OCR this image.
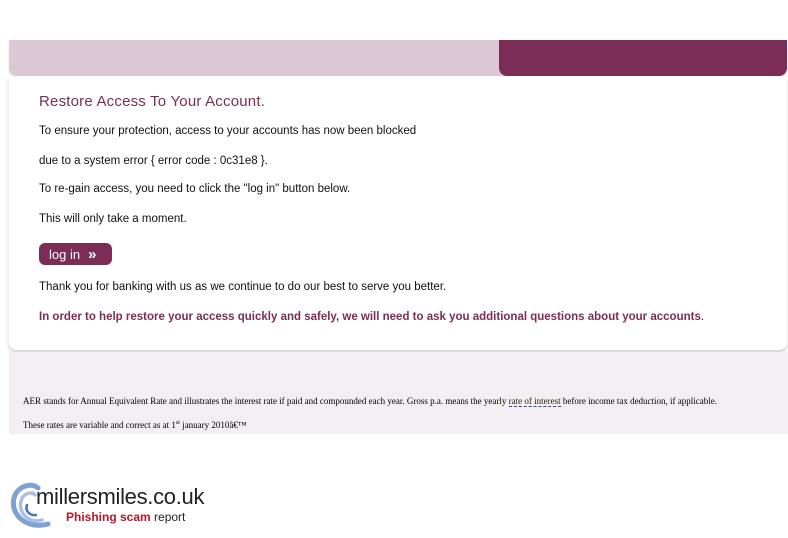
Restore Access To Your Account.

To ensure your protection, access to your accounts has now been blocked

due to a system error { error code : 0c31e8 }.

To re-gain access, you need to click the "log in" button below.

This will only take a moment.

log in »

Thank you for banking with us as we continue to do our best to serve you better.

In order to help restore your access quickly and safely, we will need to ask you additional questions about your accounts.

AER stands for Annual Equivalent Rate and illustrates the interest rate if paid and compounded each year. Gross p.a. means the yearly rate of interest before income tax deduction, if applicable.

These rates are variable and correct as at 1st january 2010â€™

millersmiles.co.uk
Phishing scam report
